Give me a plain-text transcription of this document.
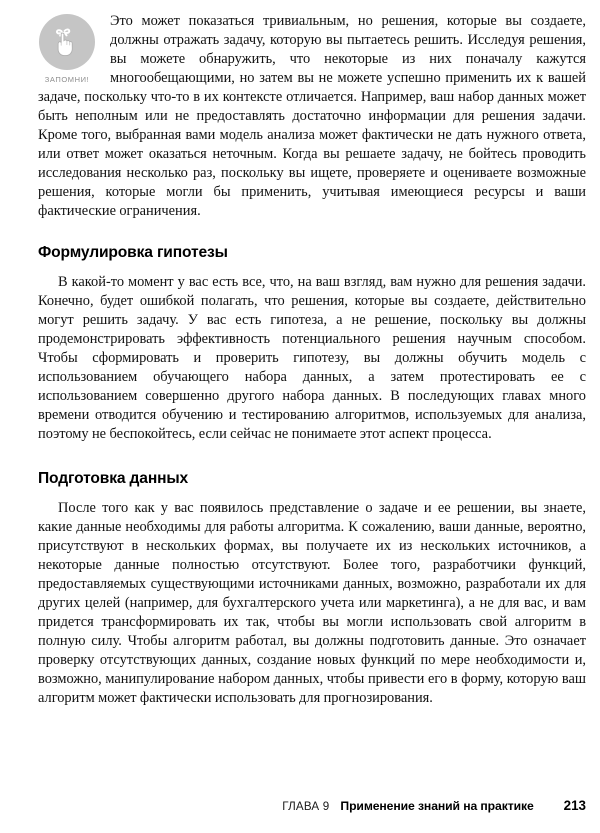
ЗАПОМНИ!

Это может показаться тривиальным, но решения, которые вы создаете, должны отражать задачу, которую вы пытаетесь решить. Исследуя решения, вы можете обнаружить, что некоторые из них поначалу кажутся многообещающими, но затем вы не можете успешно применить их к вашей задаче, поскольку что-то в их контексте отличается. Например, ваш набор данных может быть неполным или не предоставлять достаточно информации для решения задачи. Кроме того, выбранная вами модель анализа может фактически не дать нужного ответа, или ответ может оказаться неточным. Когда вы решаете задачу, не бойтесь проводить исследования несколько раз, поскольку вы ищете, проверяете и оцениваете возможные решения, которые могли бы применить, учитывая имеющиеся ресурсы и ваши фактические ограничения.

Формулировка гипотезы

В какой-то момент у вас есть все, что, на ваш взгляд, вам нужно для решения задачи. Конечно, будет ошибкой полагать, что решения, которые вы создаете, действительно могут решить задачу. У вас есть гипотеза, а не решение, поскольку вы должны продемонстрировать эффективность потенциального решения научным способом. Чтобы сформировать и проверить гипотезу, вы должны обучить модель с использованием обучающего набора данных, а затем протестировать ее с использованием совершенно другого набора данных. В последующих главах много времени отводится обучению и тестированию алгоритмов, используемых для анализа, поэтому не беспокойтесь, если сейчас не понимаете этот аспект процесса.

Подготовка данных

После того как у вас появилось представление о задаче и ее решении, вы знаете, какие данные необходимы для работы алгоритма. К сожалению, ваши данные, вероятно, присутствуют в нескольких формах, вы получаете их из нескольких источников, а некоторые данные полностью отсутствуют. Более того, разработчики функций, предоставляемых существующими источниками данных, возможно, разработали их для других целей (например, для бухгалтерского учета или маркетинга), а не для вас, и вам придется трансформировать их так, чтобы вы могли использовать свой алгоритм в полную силу. Чтобы алгоритм работал, вы должны подготовить данные. Это означает проверку отсутствующих данных, создание новых функций по мере необходимости и, возможно, манипулирование набором данных, чтобы привести его в форму, которую ваш алгоритм может фактически использовать для прогнозирования.

ГЛАВА 9 Применение знаний на практике 213
